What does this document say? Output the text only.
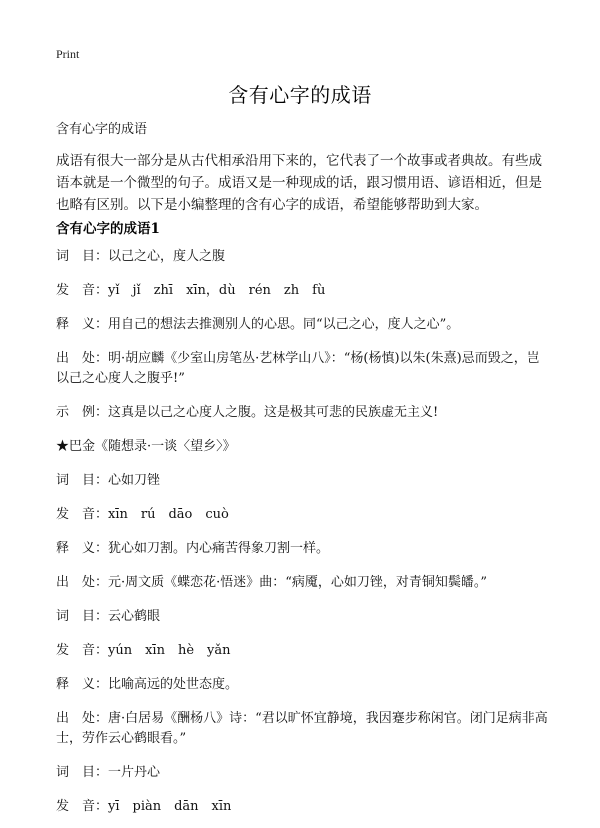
Print
含有心字的成语
含有心字的成语

成语有很大一部分是从古代相承沿用下来的，它代表了一个故事或者典故。有些成语本就是一个微型的句子。成语又是一种现成的话，跟习惯用语、谚语相近，但是也略有区别。以下是小编整理的含有心字的成语，希望能够帮助到大家。

含有心字的成语1

词　目：以己之心，度人之腹

发　音：yǐ　jǐ　zhī　xīn，dù　rén　zh　fù

释　义：用自己的想法去推测别人的心思。同“以己之心，度人之心”。

出　处：明·胡应麟《少室山房笔丛·艺林学山八》：“杨(杨慎)以朱(朱熹)忌而毁之，岂以己之心度人之腹乎!”

示　例：这真是以己之心度人之腹。这是极其可悲的民族虚无主义!

★巴金《随想录·一谈〈望乡〉》

词　目：心如刀锉

发　音：xīn　rú　dāo　cuò

释　义：犹心如刀割。内心痛苦得象刀割一样。

出　处：元·周文质《蝶恋花·悟迷》曲：“病魇，心如刀锉，对青铜知鬓皤。”

词　目：云心鹤眼

发　音：yún　xīn　hè　yǎn

释　义：比喻高远的处世态度。

出　处：唐·白居易《酬杨八》诗：“君以旷怀宜静境，我因蹇步称闲官。闭门足病非高士，劳作云心鹤眼看。”

词　目：一片丹心

发　音：yī　piàn　dān　xīn
